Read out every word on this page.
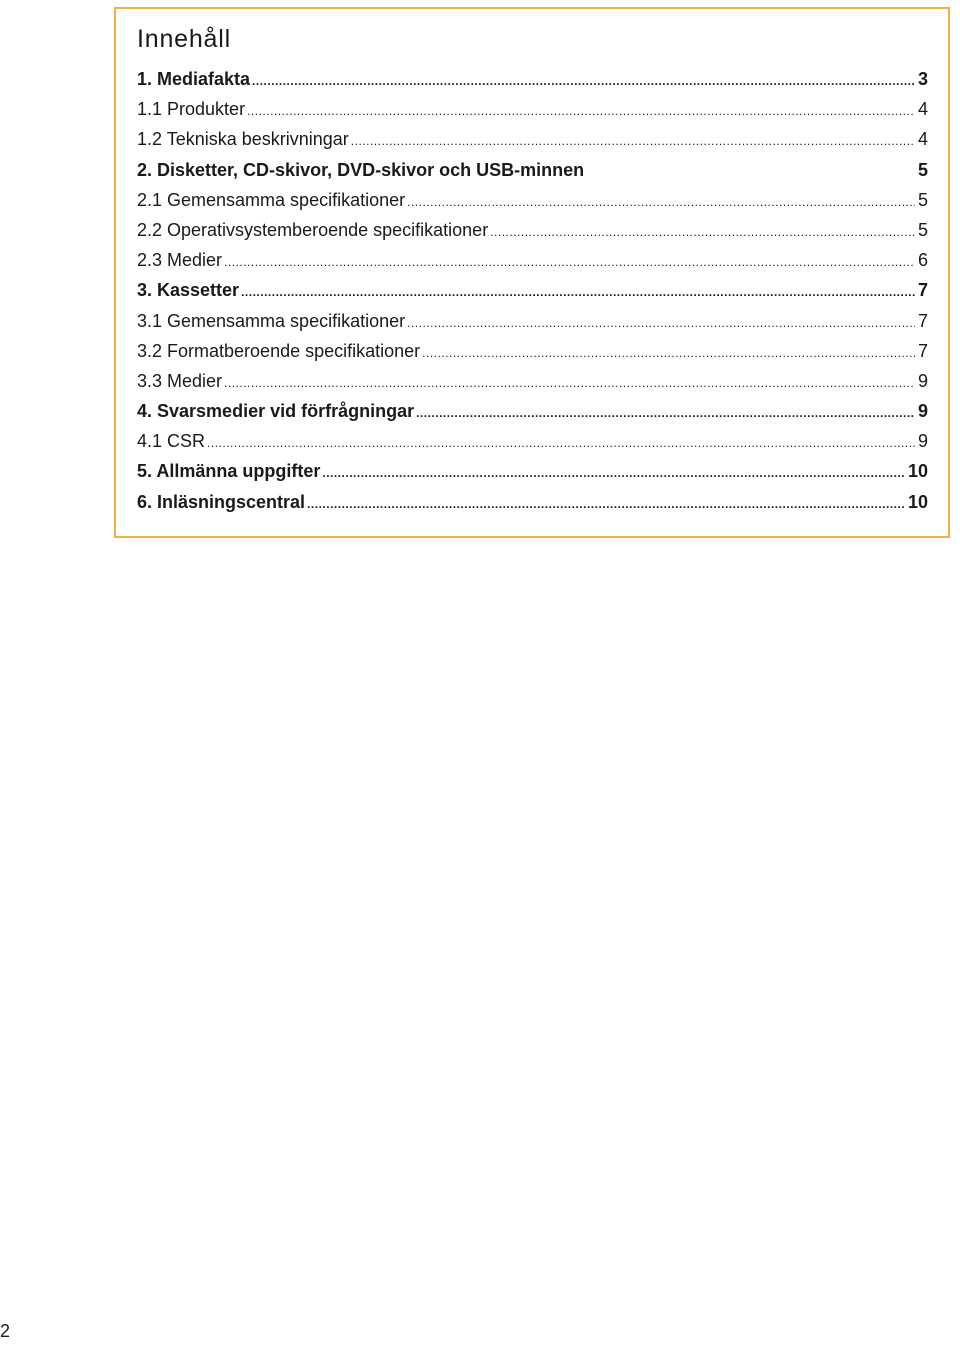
Innehåll
1. Mediafakta .....	3
1.1 Produkter .....	4
1.2 Tekniska beskrivningar .....	4
2. Disketter, CD-skivor, DVD-skivor och USB-minnen	5
2.1 Gemensamma specifikationer .....	5
2.2 Operativsystemberoende specifikationer .....	5
2.3 Medier .....	6
3. Kassetter .....	7
3.1 Gemensamma specifikationer .....	7
3.2 Formatberoende specifikationer .....	7
3.3 Medier .....	9
4. Svarsmedier vid förfrågningar .....	9
4.1 CSR .....	9
5. Allmänna uppgifter .....	10
6. Inläsningscentral .....	10
2
